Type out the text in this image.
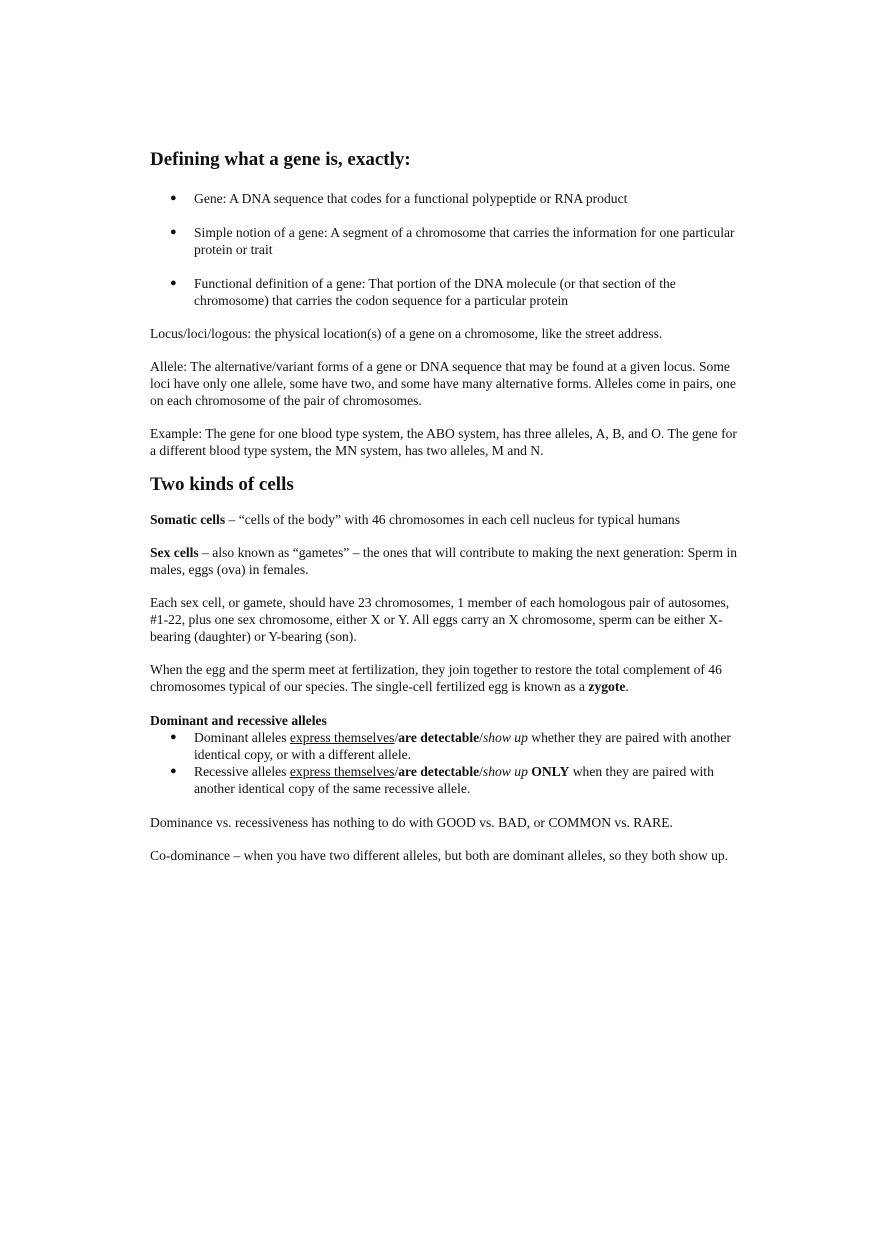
Defining what a gene is, exactly:
● Gene: A DNA sequence that codes for a functional polypeptide or RNA product
● Simple notion of a gene: A segment of a chromosome that carries the information for one particular protein or trait
● Functional definition of a gene: That portion of the DNA molecule (or that section of the chromosome) that carries the codon sequence for a particular protein

Locus/loci/logous: the physical location(s) of a gene on a chromosome, like the street address.

Allele: The alternative/variant forms of a gene or DNA sequence that may be found at a given locus. Some loci have only one allele, some have two, and some have many alternative forms. Alleles come in pairs, one on each chromosome of the pair of chromosomes.

Example: The gene for one blood type system, the ABO system, has three alleles, A, B, and O. The gene for a different blood type system, the MN system, has two alleles, M and N.

Two kinds of cells

Somatic cells – “cells of the body” with 46 chromosomes in each cell nucleus for typical humans

Sex cells – also known as “gametes” – the ones that will contribute to making the next generation: Sperm in males, eggs (ova) in females.

Each sex cell, or gamete, should have 23 chromosomes, 1 member of each homologous pair of autosomes, #1-22, plus one sex chromosome, either X or Y. All eggs carry an X chromosome, sperm can be either X-bearing (daughter) or Y-bearing (son).

When the egg and the sperm meet at fertilization, they join together to restore the total complement of 46 chromosomes typical of our species. The single-cell fertilized egg is known as a zygote.

Dominant and recessive alleles
● Dominant alleles express themselves/are detectable/show up whether they are paired with another identical copy, or with a different allele.
● Recessive alleles express themselves/are detectable/show up ONLY when they are paired with another identical copy of the same recessive allele.

Dominance vs. recessiveness has nothing to do with GOOD vs. BAD, or COMMON vs. RARE.

Co-dominance – when you have two different alleles, but both are dominant alleles, so they both show up.
